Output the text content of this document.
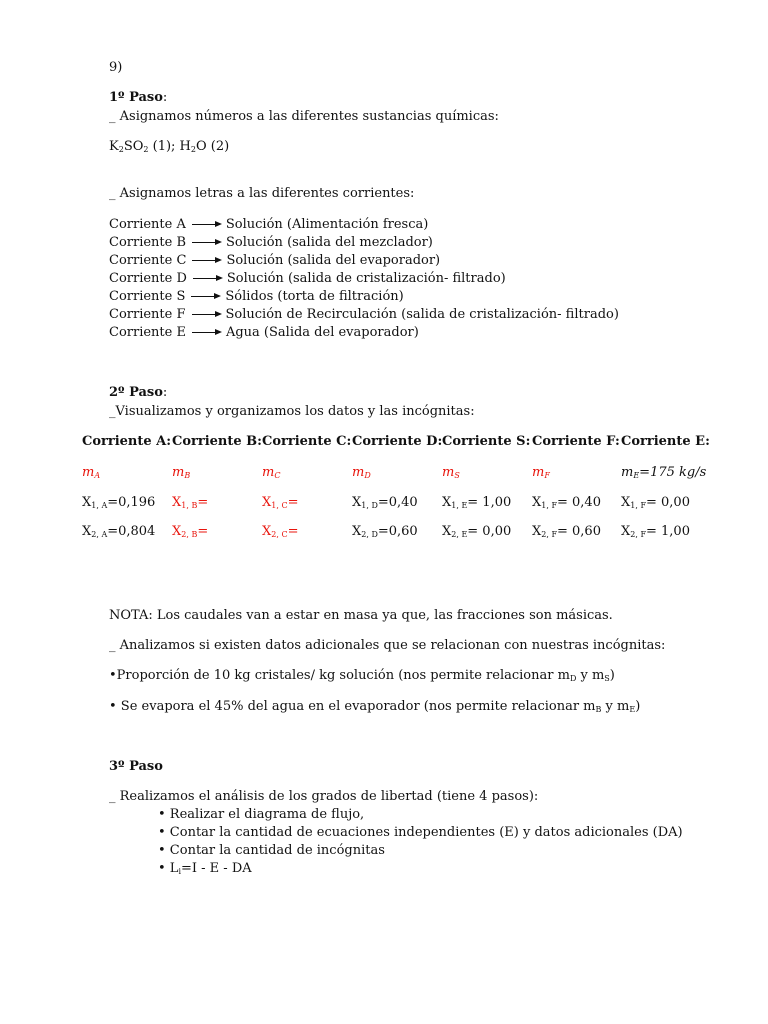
9)
1º Paso:
_ Asignamos números a las diferentes sustancias químicas:
$K_2SO_2$ (1); $H_2O$ (2)
_ Asignamos letras a las diferentes corrientes:
Corriente A	Solución (Alimentación fresca)
Corriente B	Solución (salida del mezclador)
Corriente C	Solución (salida del evaporador)
Corriente D	Solución (salida de cristalización- filtrado)
Corriente S	Sólidos (torta de filtración)
Corriente F	Solución de Recirculación (salida de cristalización- filtrado)
Corriente E	Agua (Salida del evaporador)
2º Paso:
_Visualizamos y organizamos los datos y las incógnitas:
Corriente A: Corriente B: Corriente C: Corriente D: Corriente S: Corriente F: Corriente E:
$m_A$	$m_B$	$m_C$	$m_D$	$m_S$	$m_F$	$m_E=175$ kg/s
$X_{1, A}=0,196$ $X_{1, B}=$	$X_{1, C}=$	$X_{1, D}=0,40$ $X_{1, E}= 1,00$ $X_{1, F}= 0,40$ $X_{1, F}= 0,00$
$X_{2, A}=0,804$ $X_{2, B}=$	$X_{2, C}=$	$X_{2, D}=0,60$ $X_{2, E}= 0,00$ $X_{2, F}= 0,60$ $X_{2, F}= 1,00$
NOTA: Los caudales van a estar en masa ya que, las fracciones son másicas.
_ Analizamos si existen datos adicionales que se relacionan con nuestras incógnitas:
•Proporción de 10 kg cristales/ kg solución (nos permite relacionar $m_D$ y $m_S$)
• Se evapora el 45% del agua en el evaporador (nos permite relacionar $m_B$ y $m_E$)
3º Paso
_ Realizamos el análisis de los grados de libertad (tiene 4 pasos):
• Realizar el diagrama de flujo,
• Contar la cantidad de ecuaciones independientes (E) y datos adicionales (DA)
• Contar la cantidad de incógnitas
• $L_i=I - E$ - DA
